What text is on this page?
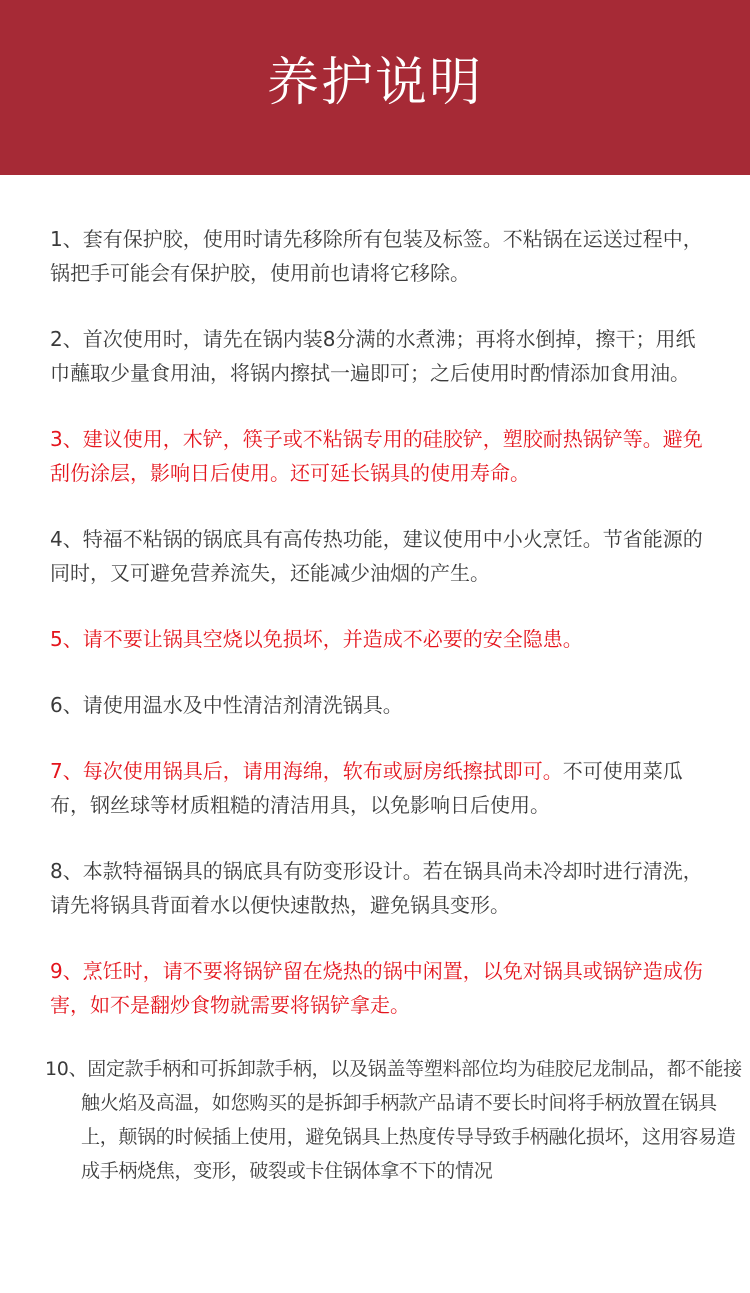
养护说明

1、套有保护胶，使用时请先移除所有包装及标签。不粘锅在运送过程中，锅把手可能会有保护胶，使用前也请将它移除。

2、首次使用时，请先在锅内装8分满的水煮沸；再将水倒掉，擦干；用纸巾蘸取少量食用油，将锅内擦拭一遍即可；之后使用时酌情添加食用油。

3、建议使用，木铲，筷子或不粘锅专用的硅胶铲，塑胶耐热锅铲等。避免刮伤涂层，影响日后使用。还可延长锅具的使用寿命。

4、特福不粘锅的锅底具有高传热功能，建议使用中小火烹饪。节省能源的同时，又可避免营养流失，还能减少油烟的产生。

5、请不要让锅具空烧以免损坏，并造成不必要的安全隐患。

6、请使用温水及中性清洁剂清洗锅具。

7、每次使用锅具后，请用海绵，软布或厨房纸擦拭即可。不可使用菜瓜布，钢丝球等材质粗糙的清洁用具，以免影响日后使用。

8、本款特福锅具的锅底具有防变形设计。若在锅具尚未冷却时进行清洗，请先将锅具背面着水以便快速散热，避免锅具变形。

9、烹饪时，请不要将锅铲留在烧热的锅中闲置，以免对锅具或锅铲造成伤害，如不是翻炒食物就需要将锅铲拿走。

10、固定款手柄和可拆卸款手柄，以及锅盖等塑料部位均为硅胶尼龙制品，都不能接触火焰及高温，如您购买的是拆卸手柄款产品请不要长时间将手柄放置在锅具上，颠锅的时候插上使用，避免锅具上热度传导导致手柄融化损坏，这用容易造成手柄烧焦，变形，破裂或卡住锅体拿不下的情况
